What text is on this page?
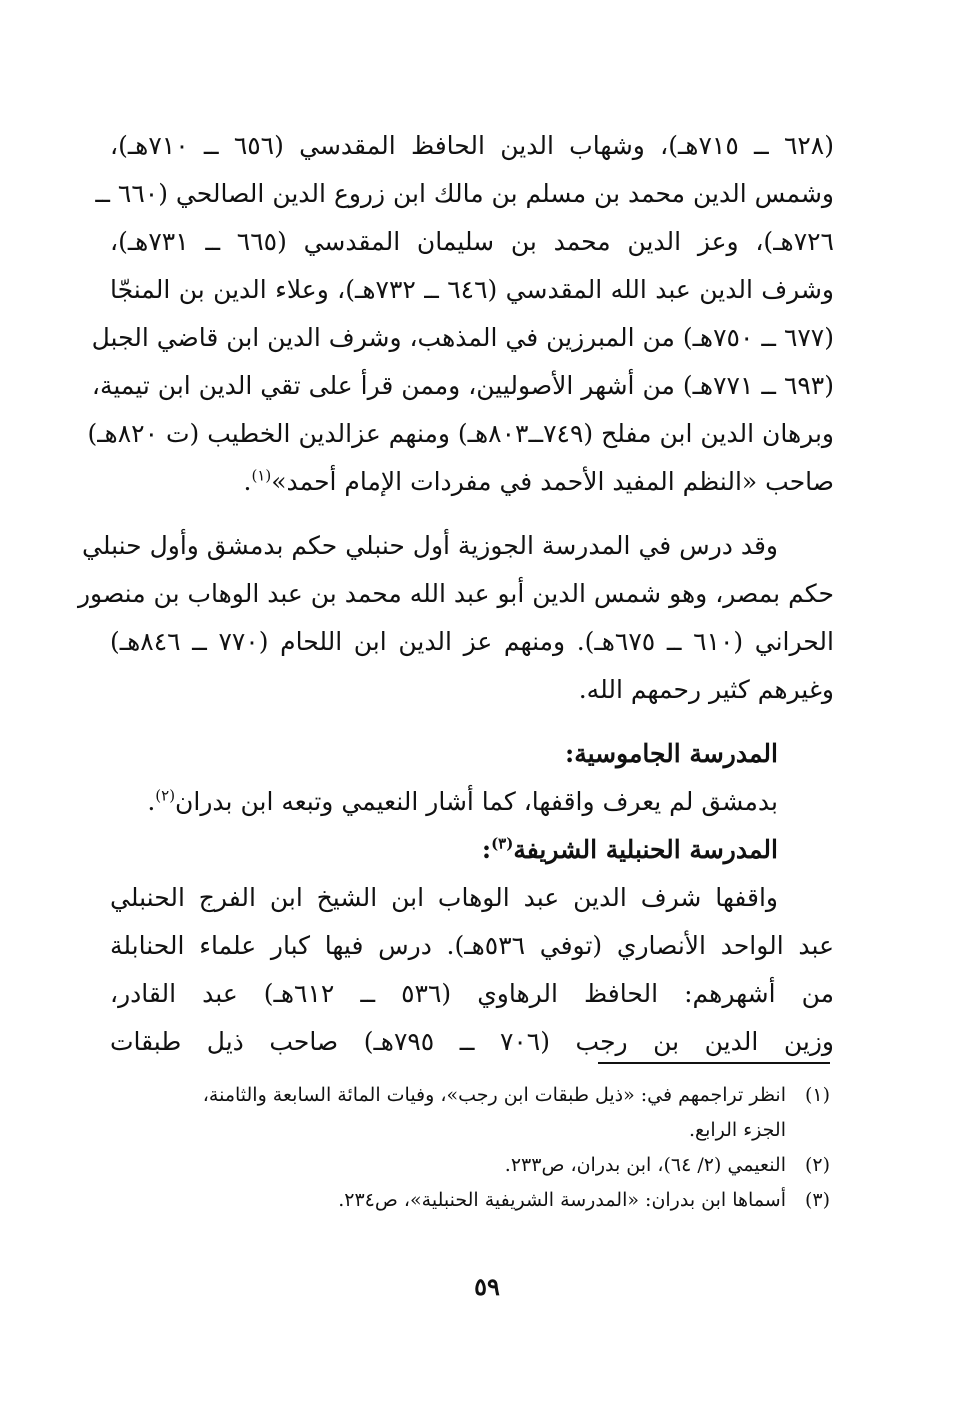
(٦٢٨ ــ ٧١٥هـ)، وشهاب الدين الحافظ المقدسي (٦٥٦ ــ ٧١٠هـ)،
وشمس الدين محمد بن مسلم بن مالك ابن زروع الدين الصالحي (٦٦٠ ــ
٧٢٦هـ)، وعز الدين محمد بن سليمان المقدسي (٦٦٥ ــ ٧٣١هـ)،
وشرف الدين عبد الله المقدسي (٦٤٦ ــ ٧٣٢هـ)، وعلاء الدين بن المنجّا
(٦٧٧ ــ ٧٥٠هـ) من المبرزين في المذهب، وشرف الدين ابن قاضي الجبل
(٦٩٣ ــ ٧٧١هـ) من أشهر الأصوليين، وممن قرأ على تقي الدين ابن تيمية،
وبرهان الدين ابن مفلح (٧٤٩ــ٨٠٣هـ) ومنهم عزالدين الخطيب (ت ٨٢٠هـ)
صاحب «النظم المفيد الأحمد في مفردات الإمام أحمد»$^{(١)}$.
وقد درس في المدرسة الجوزية أول حنبلي حكم بدمشق وأول حنبلي
حكم بمصر، وهو شمس الدين أبو عبد الله محمد بن عبد الوهاب بن منصور
الحراني (٦١٠ ــ ٦٧٥هـ). ومنهم عز الدين ابن اللحام (٧٧٠ ــ ٨٤٦هـ)
وغيرهم كثير رحمهم الله.
المدرسة الجاموسية:
بدمشق لم يعرف واقفها، كما أشار النعيمي وتبعه ابن بدران$^{(٢)}$.
المدرسة الحنبلية الشريفة$^{(٣)}$:
واقفها شرف الدين عبد الوهاب ابن الشيخ ابن الفرج الحنبلي
عبد الواحد الأنصاري (توفي ٥٣٦هـ). درس فيها كبار علماء الحنابلة
من أشهرهم: الحافظ الرهاوي (٥٣٦ ــ ٦١٢هـ) عبد القادر،
وزين الدين بن رجب (٧٠٦ ــ ٧٩٥هـ) صاحب ذيل طبقات
(١)انظر تراجمهم في: «ذيل طبقات ابن رجب»، وفيات المائة السابعة والثامنة،
الجزء الرابع.
(٢)النعيمي (٢/ ٦٤)، ابن بدران، ص٢٣٣.
(٣)أسماها ابن بدران: «المدرسة الشريفية الحنبلية»، ص٢٣٤.
٥٩
